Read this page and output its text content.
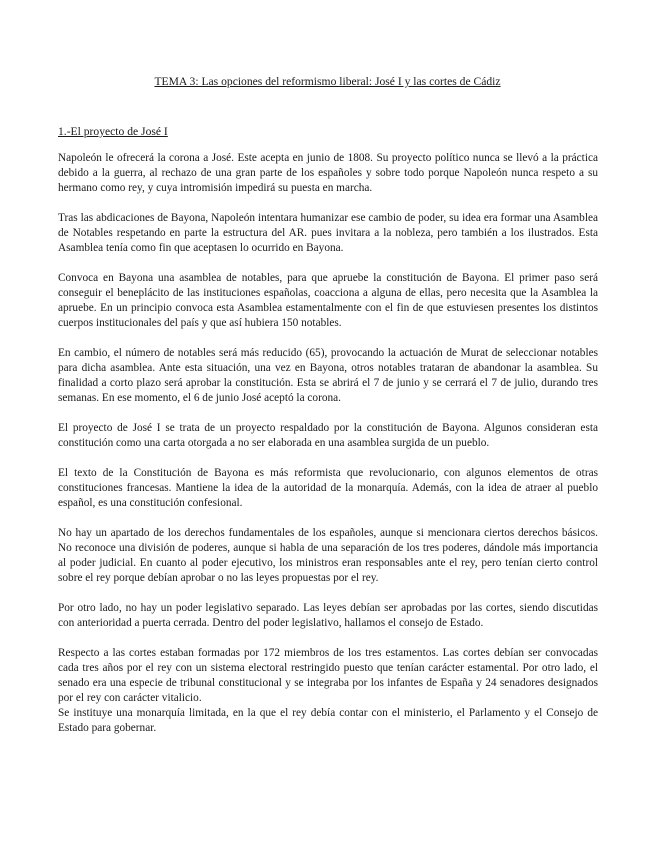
TEMA 3: Las opciones del reformismo liberal: José I y las cortes de Cádiz
1.-El proyecto de José I

Napoleón le ofrecerá la corona a José. Este acepta en junio de 1808. Su proyecto político nunca se llevó a la práctica debido a la guerra, al rechazo de una gran parte de los españoles y sobre todo porque Napoleón nunca respeto a su hermano como rey, y cuya intromisión impedirá su puesta en marcha.

Tras las abdicaciones de Bayona, Napoleón intentara humanizar ese cambio de poder, su idea era formar una Asamblea de Notables respetando en parte la estructura del AR. pues invitara a la nobleza, pero también a los ilustrados. Esta Asamblea tenía como fin que aceptasen lo ocurrido en Bayona.

Convoca en Bayona una asamblea de notables, para que apruebe la constitución de Bayona. El primer paso será conseguir el beneplácito de las instituciones españolas, coacciona a alguna de ellas, pero necesita que la Asamblea la apruebe. En un principio convoca esta Asamblea estamentalmente con el fin de que estuviesen presentes los distintos cuerpos institucionales del país y que así hubiera 150 notables.

En cambio, el número de notables será más reducido (65), provocando la actuación de Murat de seleccionar notables para dicha asamblea. Ante esta situación, una vez en Bayona, otros notables trataran de abandonar la asamblea. Su finalidad a corto plazo será aprobar la constitución. Esta se abrirá el 7 de junio y se cerrará el 7 de julio, durando tres semanas. En ese momento, el 6 de junio José aceptó la corona.

El proyecto de José I se trata de un proyecto respaldado por la constitución de Bayona. Algunos consideran esta constitución como una carta otorgada a no ser elaborada en una asamblea surgida de un pueblo.

El texto de la Constitución de Bayona es más reformista que revolucionario, con algunos elementos de otras constituciones francesas. Mantiene la idea de la autoridad de la monarquía. Además, con la idea de atraer al pueblo español, es una constitución confesional.

No hay un apartado de los derechos fundamentales de los españoles, aunque si mencionara ciertos derechos básicos. No reconoce una división de poderes, aunque si habla de una separación de los tres poderes, dándole más importancia al poder judicial. En cuanto al poder ejecutivo, los ministros eran responsables ante el rey, pero tenían cierto control sobre el rey porque debían aprobar o no las leyes propuestas por el rey.

Por otro lado, no hay un poder legislativo separado. Las leyes debían ser aprobadas por las cortes, siendo discutidas con anterioridad a puerta cerrada. Dentro del poder legislativo, hallamos el consejo de Estado.

Respecto a las cortes estaban formadas por 172 miembros de los tres estamentos. Las cortes debían ser convocadas cada tres años por el rey con un sistema electoral restringido puesto que tenían carácter estamental. Por otro lado, el senado era una especie de tribunal constitucional y se integraba por los infantes de España y 24 senadores designados por el rey con carácter vitalicio.

Se instituye una monarquía limitada, en la que el rey debía contar con el ministerio, el Parlamento y el Consejo de Estado para gobernar.
